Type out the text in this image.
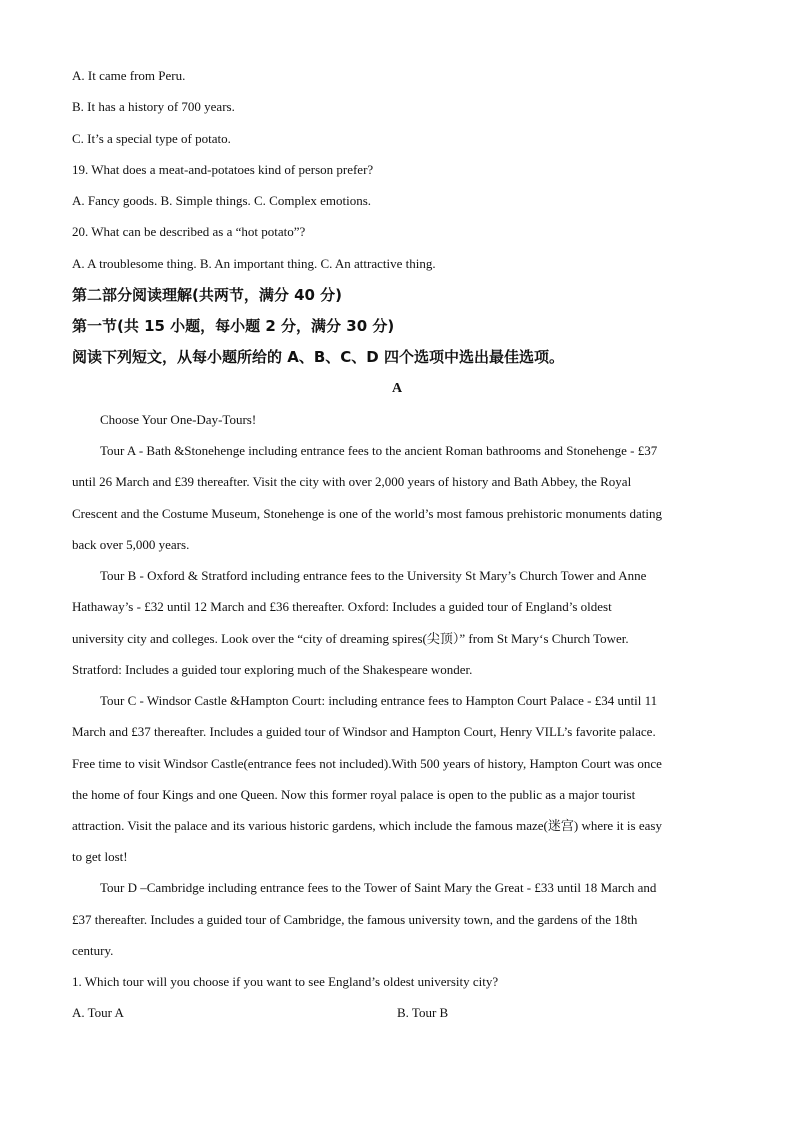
A. It came from Peru.
B. It has a history of 700 years.
C. It’s a special type of potato.
19. What does a meat-and-potatoes kind of person prefer?
A. Fancy goods. B. Simple things. C. Complex emotions.
20. What can be described as a “hot potato”?
A. A troublesome thing. B. An important thing. C. An attractive thing.
第二部分阅读理解(共两节，满分 40 分)
第一节(共 15 小题，每小题 2 分，满分 30 分)
阅读下列短文，从每小题所给的 A、B、C、D 四个选项中选出最佳选项。
A
Choose Your One-Day-Tours!
Tour A - Bath &Stonehenge including entrance fees to the ancient Roman bathrooms and Stonehenge - £37
until 26 March and £39 thereafter. Visit the city with over 2,000 years of history and Bath Abbey, the Royal
Crescent and the Costume Museum, Stonehenge is one of the world’s most famous prehistoric monuments dating
back over 5,000 years.
Tour B - Oxford & Stratford including entrance fees to the University St Mary’s Church Tower and Anne
Hathaway’s - £32 until 12 March and £36 thereafter. Oxford: Includes a guided tour of England’s oldest
university city and colleges. Look over the “city of dreaming spires(尖顶）” from St Mary‘s Church Tower.
Stratford: Includes a guided tour exploring much of the Shakespeare wonder.
Tour C - Windsor Castle &Hampton Court: including entrance fees to Hampton Court Palace - £34 until 11
March and £37 thereafter. Includes a guided tour of Windsor and Hampton Court, Henry VILL’s favorite palace.
Free time to visit Windsor Castle(entrance fees not included).With 500 years of history, Hampton Court was once
the home of four Kings and one Queen. Now this former royal palace is open to the public as a major tourist
attraction. Visit the palace and its various historic gardens, which include the famous maze(迷宫) where it is easy
to get lost!
Tour D –Cambridge including entrance fees to the Tower of Saint Mary the Great - £33 until 18 March and
£37 thereafter. Includes a guided tour of Cambridge, the famous university town, and the gardens of the 18th
century.
1. Which tour will you choose if you want to see England’s oldest university city?
A. Tour A	B. Tour B
